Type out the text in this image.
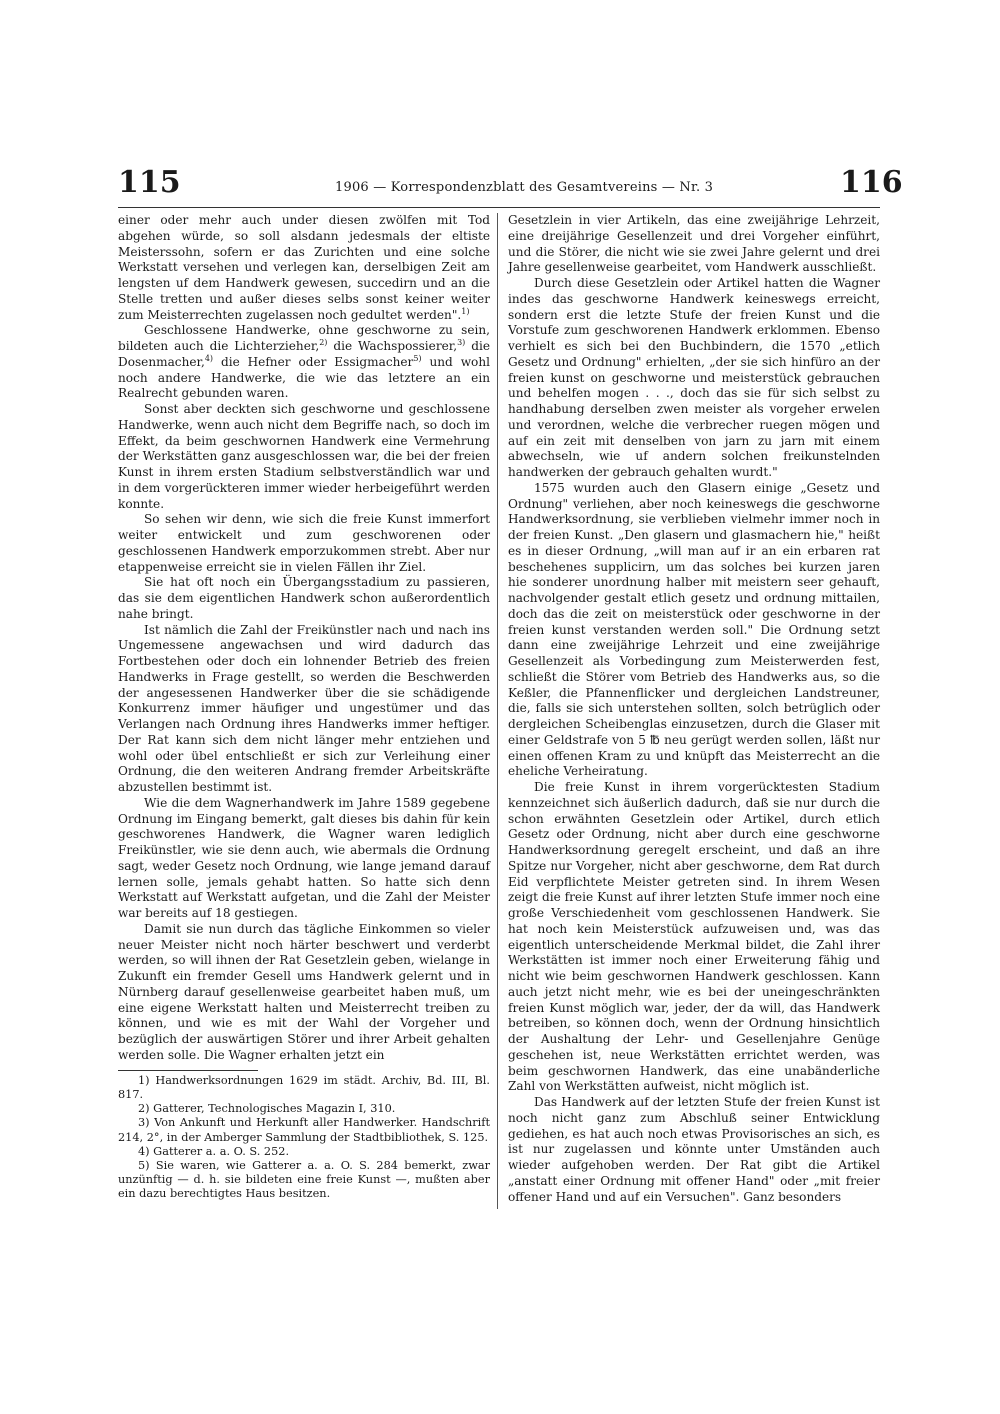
115	1906 — Korrespondenzblatt des Gesamtvereins — Nr. 3	116

einer oder mehr auch under diesen zwölfen mit Tod abgehen würde, so soll alsdann jedesmals der eltiste Meisterssohn, sofern er das Zurichten und eine solche Werkstatt versehen und verlegen kan, derselbigen Zeit am lengsten uf dem Handwerk gewesen, succedirn und an die Stelle tretten und außer dieses selbs sonst keiner weiter zum Meisterrechten zugelassen noch gedultet werden".$^{1)}$

Geschlossene Handwerke, ohne geschworne zu sein, bildeten auch die Lichterzieher,$^{2)}$ die Wachspossierer,$^{3)}$ die Dosenmacher,$^{4)}$ die Hefner oder Essigmacher$^{5)}$ und wohl noch andere Handwerke, die wie das letztere an ein Realrecht gebunden waren.

Sonst aber deckten sich geschworne und geschlossene Handwerke, wenn auch nicht dem Begriffe nach, so doch im Effekt, da beim geschwornen Handwerk eine Vermehrung der Werkstätten ganz ausgeschlossen war, die bei der freien Kunst in ihrem ersten Stadium selbstverständlich war und in dem vorgerückteren immer wieder herbeigeführt werden konnte.

So sehen wir denn, wie sich die freie Kunst immerfort weiter entwickelt und zum geschworenen oder geschlossenen Handwerk emporzukommen strebt. Aber nur etappenweise erreicht sie in vielen Fällen ihr Ziel.

Sie hat oft noch ein Übergangsstadium zu passieren, das sie dem eigentlichen Handwerk schon außerordentlich nahe bringt.

Ist nämlich die Zahl der Freikünstler nach und nach ins Ungemessene angewachsen und wird dadurch das Fortbestehen oder doch ein lohnender Betrieb des freien Handwerks in Frage gestellt, so werden die Beschwerden der angesessenen Handwerker über die sie schädigende Konkurrenz immer häufiger und ungestümer und das Verlangen nach Ordnung ihres Handwerks immer heftiger. Der Rat kann sich dem nicht länger mehr entziehen und wohl oder übel entschließt er sich zur Verleihung einer Ordnung, die den weiteren Andrang fremder Arbeitskräfte abzustellen bestimmt ist.

Wie die dem Wagnerhandwerk im Jahre 1589 gegebene Ordnung im Eingang bemerkt, galt dieses bis dahin für kein geschworenes Handwerk, die Wagner waren lediglich Freikünstler, wie sie denn auch, wie abermals die Ordnung sagt, weder Gesetz noch Ordnung, wie lange jemand darauf lernen solle, jemals gehabt hatten. So hatte sich denn Werkstatt auf Werkstatt aufgetan, und die Zahl der Meister war bereits auf 18 gestiegen.

Damit sie nun durch das tägliche Einkommen so vieler neuer Meister nicht noch härter beschwert und verderbt werden, so will ihnen der Rat Gesetzlein geben, wielange in Zukunft ein fremder Gesell ums Handwerk gelernt und in Nürnberg darauf gesellenweise gearbeitet haben muß, um eine eigene Werkstatt halten und Meisterrecht treiben zu können, und wie es mit der Wahl der Vorgeher und bezüglich der auswärtigen Störer und ihrer Arbeit gehalten werden solle. Die Wagner erhalten jetzt ein

1) Handwerksordnungen 1629 im städt. Archiv, Bd. III, Bl. 817.

2) Gatterer, Technologisches Magazin I, 310.

3) Von Ankunft und Herkunft aller Handwerker. Handschrift 214, 2°, in der Amberger Sammlung der Stadtbibliothek, S. 125.

4) Gatterer a. a. O. S. 252.

5) Sie waren, wie Gatterer a. a. O. S. 284 bemerkt, zwar unzünftig — d. h. sie bildeten eine freie Kunst —, mußten aber ein dazu berechtigtes Haus besitzen.

Gesetzlein in vier Artikeln, das eine zweijährige Lehrzeit, eine dreijährige Gesellenzeit und drei Vorgeher einführt, und die Störer, die nicht wie sie zwei Jahre gelernt und drei Jahre gesellenweise gearbeitet, vom Handwerk ausschließt.

Durch diese Gesetzlein oder Artikel hatten die Wagner indes das geschworne Handwerk keineswegs erreicht, sondern erst die letzte Stufe der freien Kunst und die Vorstufe zum geschworenen Handwerk erklommen. Ebenso verhielt es sich bei den Buchbindern, die 1570 „etlich Gesetz und Ordnung" erhielten, „der sie sich hinfüro an der freien kunst on geschworne und meisterstück gebrauchen und behelfen mogen . . ., doch das sie für sich selbst zu handhabung derselben zwen meister als vorgeher erwelen und verordnen, welche die verbrecher ruegen mögen und auf ein zeit mit denselben von jarn zu jarn mit einem abwechseln, wie uf andern solchen freikunstelnden handwerken der gebrauch gehalten wurdt."

1575 wurden auch den Glasern einige „Gesetz und Ordnung" verliehen, aber noch keineswegs die geschworne Handwerksordnung, sie verblieben vielmehr immer noch in der freien Kunst. „Den glasern und glasmachern hie," heißt es in dieser Ordnung, „will man auf ir an ein erbaren rat beschehenes supplicirn, um das solches bei kurzen jaren hie sonderer unordnung halber mit meistern seer gehauft, nachvolgender gestalt etlich gesetz und ordnung mittailen, doch das die zeit on meisterstück oder geschworne in der freien kunst verstanden werden soll." Die Ordnung setzt dann eine zweijährige Lehrzeit und eine zweijährige Gesellenzeit als Vorbedingung zum Meisterwerden fest, schließt die Störer vom Betrieb des Handwerks aus, so die Keßler, die Pfannenflicker und dergleichen Landstreuner, die, falls sie sich unterstehen sollten, solch betrüglich oder dergleichen Scheibenglas einzusetzen, durch die Glaser mit einer Geldstrafe von 5 ℔ neu gerügt werden sollen, läßt nur einen offenen Kram zu und knüpft das Meisterrecht an die eheliche Verheiratung.

Die freie Kunst in ihrem vorgerücktesten Stadium kennzeichnet sich äußerlich dadurch, daß sie nur durch die schon erwähnten Gesetzlein oder Artikel, durch etlich Gesetz oder Ordnung, nicht aber durch eine geschworne Handwerksordnung geregelt erscheint, und daß an ihre Spitze nur Vorgeher, nicht aber geschworne, dem Rat durch Eid verpflichtete Meister getreten sind. In ihrem Wesen zeigt die freie Kunst auf ihrer letzten Stufe immer noch eine große Verschiedenheit vom geschlossenen Handwerk. Sie hat noch kein Meisterstück aufzuweisen und, was das eigentlich unterscheidende Merkmal bildet, die Zahl ihrer Werkstätten ist immer noch einer Erweiterung fähig und nicht wie beim geschwornen Handwerk geschlossen. Kann auch jetzt nicht mehr, wie es bei der uneingeschränkten freien Kunst möglich war, jeder, der da will, das Handwerk betreiben, so können doch, wenn der Ordnung hinsichtlich der Aushaltung der Lehr- und Gesellenjahre Genüge geschehen ist, neue Werkstätten errichtet werden, was beim geschwornen Handwerk, das eine unabänderliche Zahl von Werkstätten aufweist, nicht möglich ist.

Das Handwerk auf der letzten Stufe der freien Kunst ist noch nicht ganz zum Abschluß seiner Entwicklung gediehen, es hat auch noch etwas Provisorisches an sich, es ist nur zugelassen und könnte unter Umständen auch wieder aufgehoben werden. Der Rat gibt die Artikel „anstatt einer Ordnung mit offener Hand" oder „mit freier offener Hand und auf ein Versuchen". Ganz besonders
